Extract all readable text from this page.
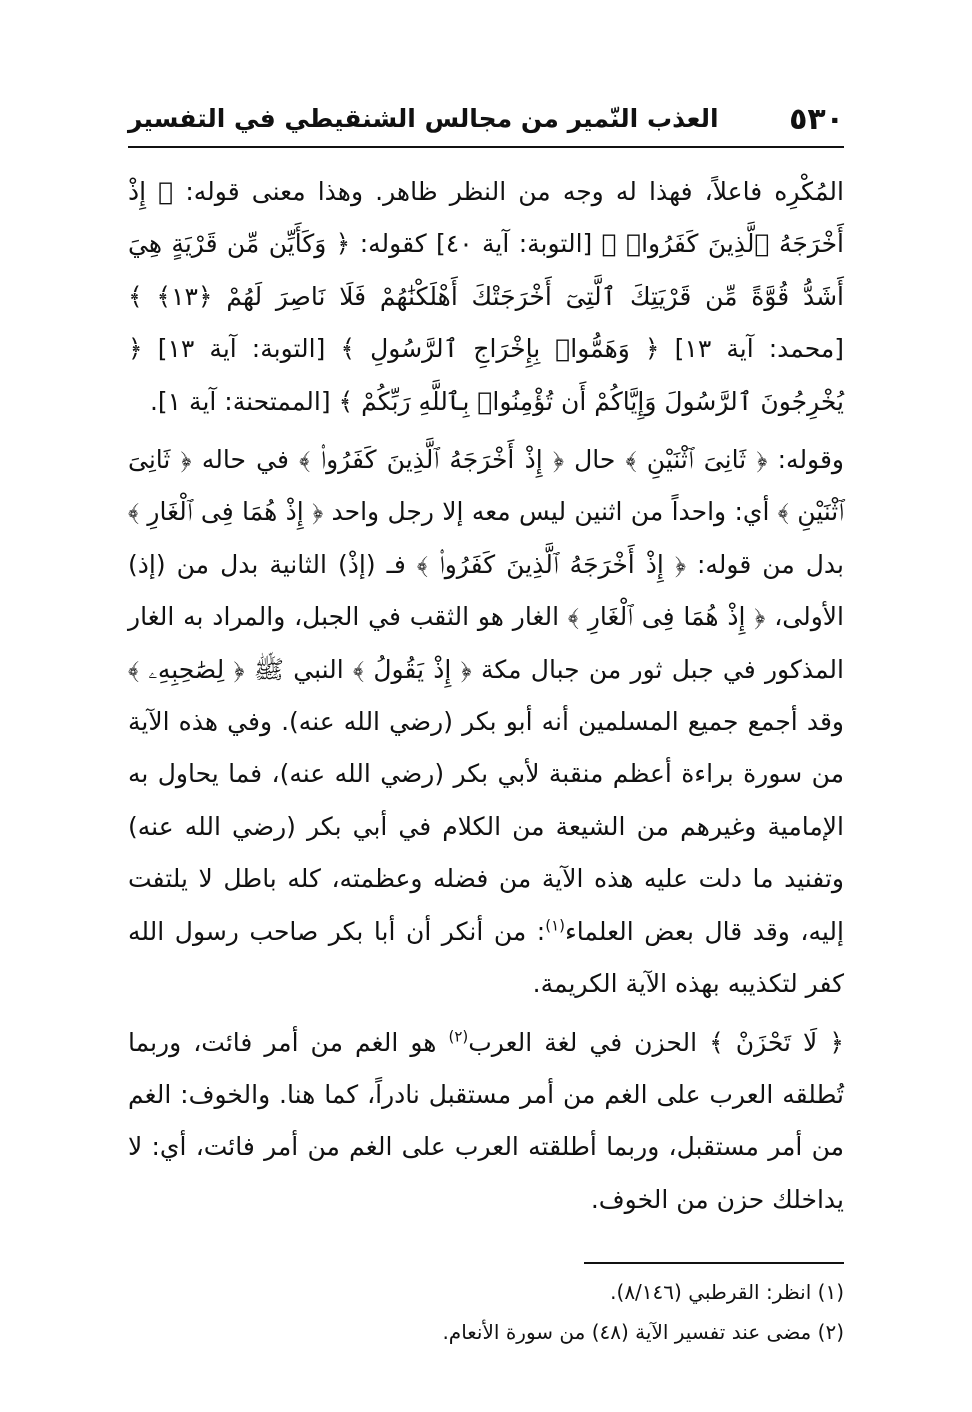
٥٣٠
العذب النّمير من مجالس الشنقيطي في التفسير

المُكْرِه فاعلاً، فهذا له وجه من النظر ظاهر. وهذا معنى قوله: ﴿ إِذْ أَخْرَجَهُ ٱلَّذِينَ كَفَرُوا۟ ﴾ [التوبة: آية ٤٠] كقوله: ﴿ وَكَأَيِّن مِّن قَرْيَةٍ هِيَ أَشَدُّ قُوَّةً مِّن قَرْيَتِكَ ٱلَّتِىٓ أَخْرَجَتْكَ أَهْلَكْنَٰهُمْ فَلَا نَاصِرَ لَهُمْ ﴿١٣﴾ ﴾ [محمد: آية ١٣] ﴿ وَهَمُّوا۟ بِإِخْرَاجِ ٱلرَّسُولِ ﴾ [التوبة: آية ١٣] ﴿ يُخْرِجُونَ ٱلرَّسُولَ وَإِيَّاكُمْ أَن تُؤْمِنُوا۟ بِٱللَّهِ رَبِّكُمْ ﴾ [الممتحنة: آية ١].

وقوله: ﴿ ثَانِىَ ٱثْنَيْنِ ﴾ حال ﴿ إِذْ أَخْرَجَهُ ٱلَّذِينَ كَفَرُوا۟ ﴾ في حاله ﴿ ثَانِىَ ٱثْنَيْنِ ﴾ أي: واحداً من اثنين ليس معه إلا رجل واحد ﴿ إِذْ هُمَا فِى ٱلْغَارِ ﴾ بدل من قوله: ﴿ إِذْ أَخْرَجَهُ ٱلَّذِينَ كَفَرُوا۟ ﴾ فـ (إذْ) الثانية بدل من (إذ) الأولى، ﴿ إِذْ هُمَا فِى ٱلْغَارِ ﴾ الغار هو الثقب في الجبل، والمراد به الغار المذكور في جبل ثور من جبال مكة ﴿ إِذْ يَقُولُ ﴾ النبي ﷺ ﴿ لِصَٰحِبِهِۦ ﴾ وقد أجمع جميع المسلمين أنه أبو بكر (رضي الله عنه). وفي هذه الآية من سورة براءة أعظم منقبة لأبي بكر (رضي الله عنه)، فما يحاول به الإمامية وغيرهم من الشيعة من الكلام في أبي بكر (رضي الله عنه) وتفنيد ما دلت عليه هذه الآية من فضله وعظمته، كله باطل لا يلتفت إليه، وقد قال بعض العلماء$^{(١)}$: من أنكر أن أبا بكر صاحب رسول الله كفر لتكذيبه بهذه الآية الكريمة.

﴿ لَا تَحْزَنْ ﴾ الحزن في لغة العرب$^{(٢)}$ هو الغم من أمر فائت، وربما تُطلقه العرب على الغم من أمر مستقبل نادراً، كما هنا. والخوف: الغم من أمر مستقبل، وربما أطلقته العرب على الغم من أمر فائت، أي: لا يداخلك حزن من الخوف.

(١) انظر: القرطبي (٨/١٤٦).
(٢) مضى عند تفسير الآية (٤٨) من سورة الأنعام.
